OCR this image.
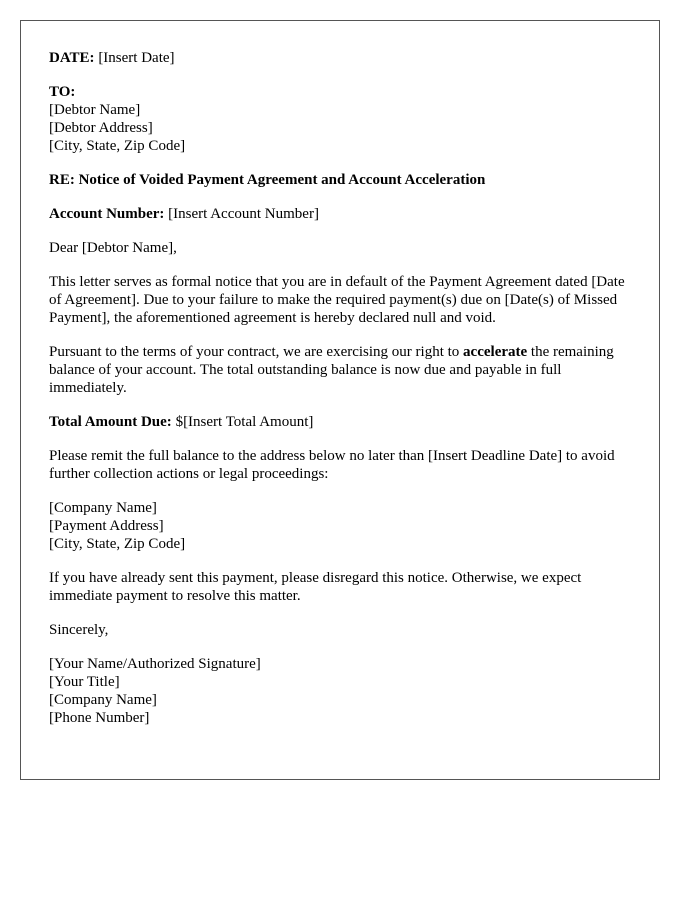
DATE: [Insert Date]
TO:
[Debtor Name]
[Debtor Address]
[City, State, Zip Code]
RE: Notice of Voided Payment Agreement and Account Acceleration
Account Number: [Insert Account Number]
Dear [Debtor Name],
This letter serves as formal notice that you are in default of the Payment Agreement dated [Date of Agreement]. Due to your failure to make the required payment(s) due on [Date(s) of Missed Payment], the aforementioned agreement is hereby declared null and void.
Pursuant to the terms of your contract, we are exercising our right to accelerate the remaining balance of your account. The total outstanding balance is now due and payable in full immediately.
Total Amount Due: $[Insert Total Amount]
Please remit the full balance to the address below no later than [Insert Deadline Date] to avoid further collection actions or legal proceedings:
[Company Name]
[Payment Address]
[City, State, Zip Code]
If you have already sent this payment, please disregard this notice. Otherwise, we expect immediate payment to resolve this matter.
Sincerely,
[Your Name/Authorized Signature]
[Your Title]
[Company Name]
[Phone Number]
